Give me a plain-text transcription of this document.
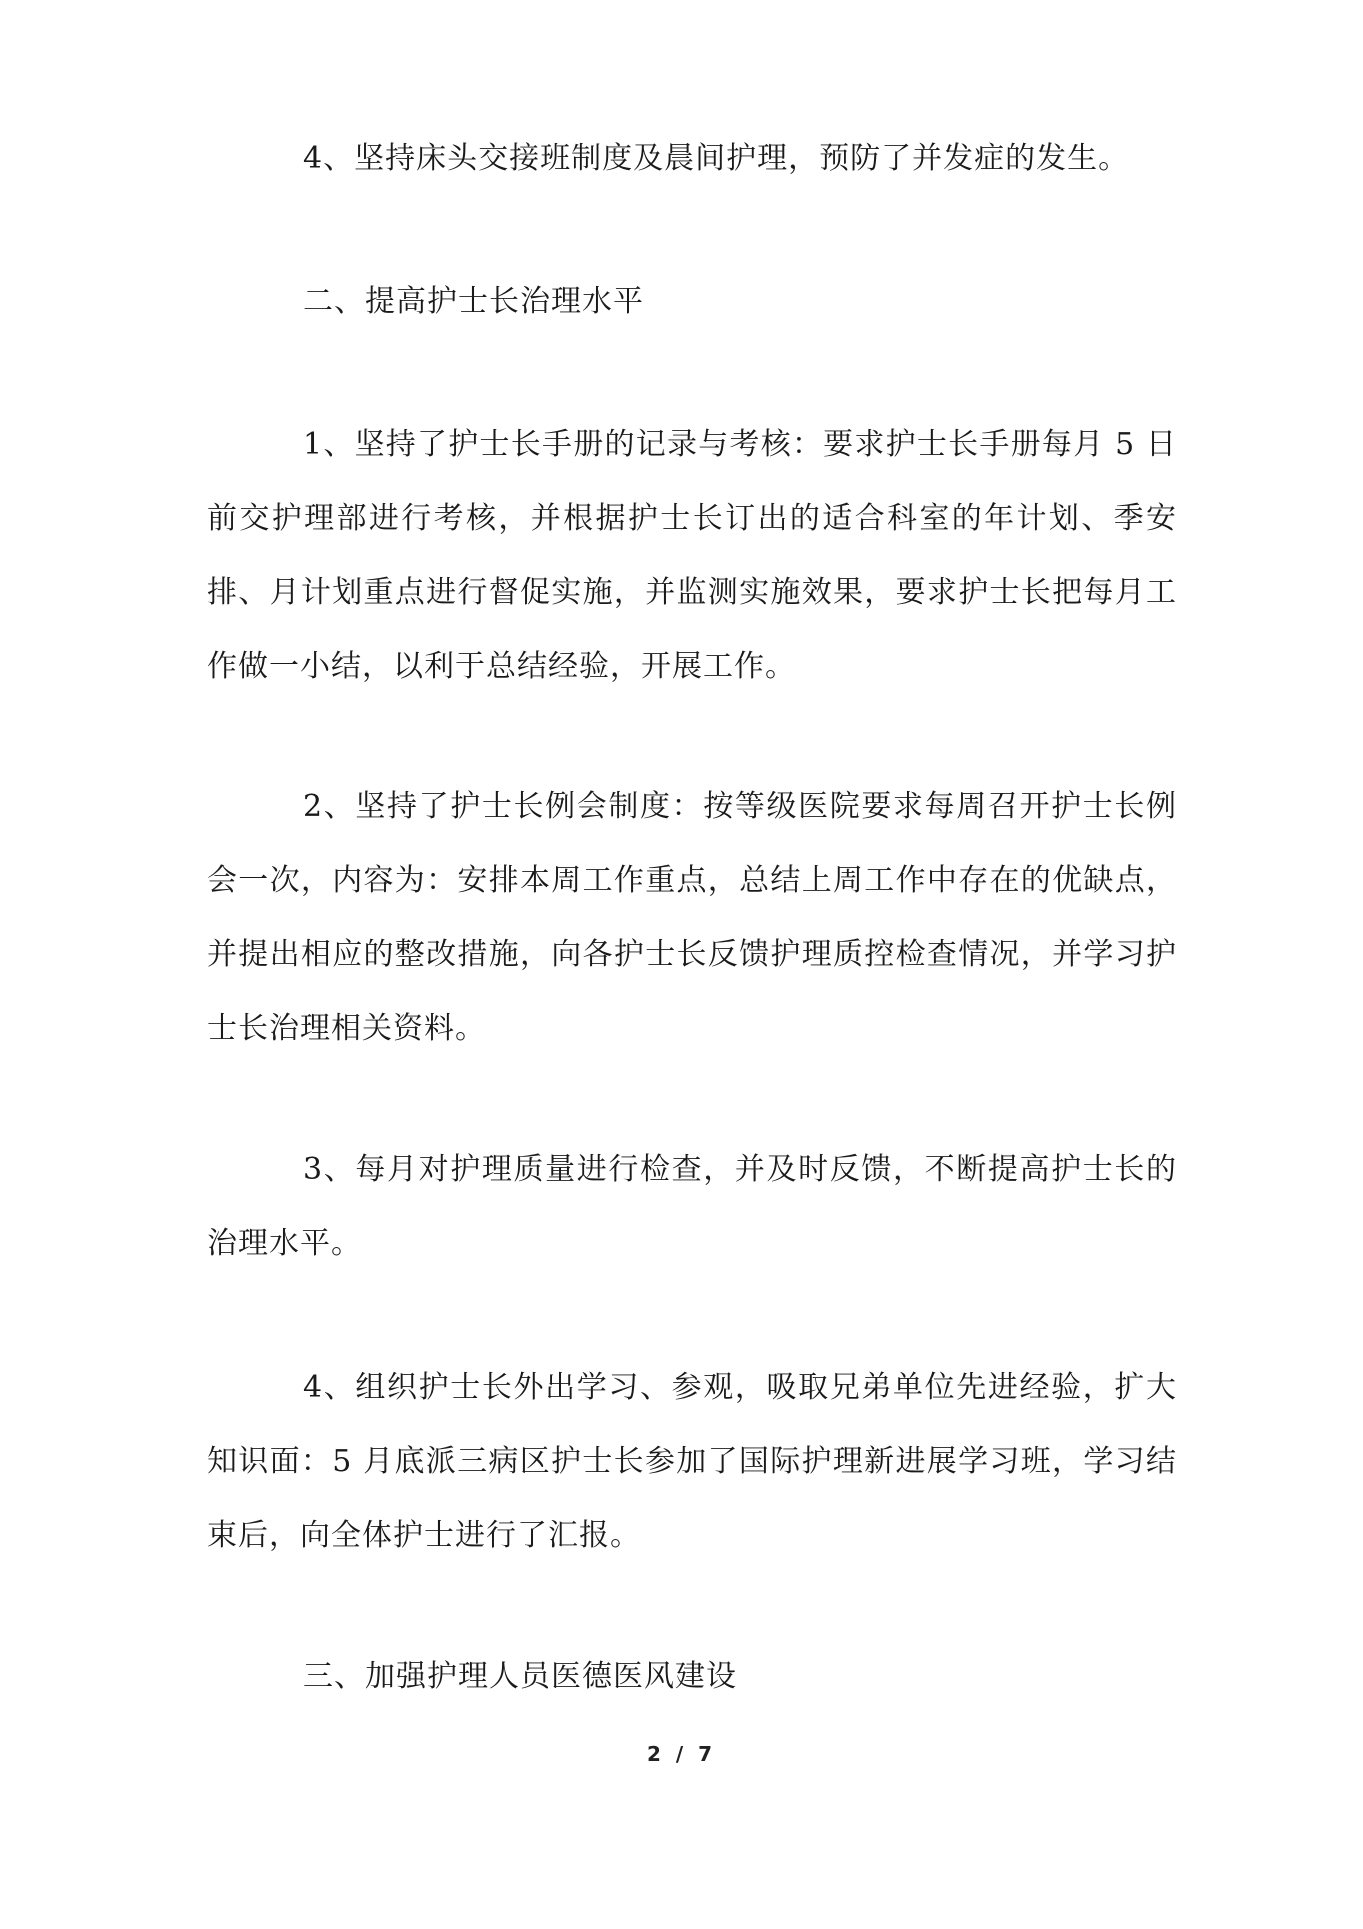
4、坚持床头交接班制度及晨间护理，预防了并发症的发生。

二、提高护士长治理水平

1、坚持了护士长手册的记录与考核：要求护士长手册每月 5 日前交护理部进行考核，并根据护士长订出的适合科室的年计划、季安排、月计划重点进行督促实施，并监测实施效果，要求护士长把每月工作做一小结，以利于总结经验，开展工作。

2、坚持了护士长例会制度：按等级医院要求每周召开护士长例会一次，内容为：安排本周工作重点，总结上周工作中存在的优缺点，并提出相应的整改措施，向各护士长反馈护理质控检查情况，并学习护士长治理相关资料。

3、每月对护理质量进行检查，并及时反馈，不断提高护士长的治理水平。

4、组织护士长外出学习、参观，吸取兄弟单位先进经验，扩大知识面：5 月底派三病区护士长参加了国际护理新进展学习班，学习结束后，向全体护士进行了汇报。

三、加强护理人员医德医风建设

2 / 7
